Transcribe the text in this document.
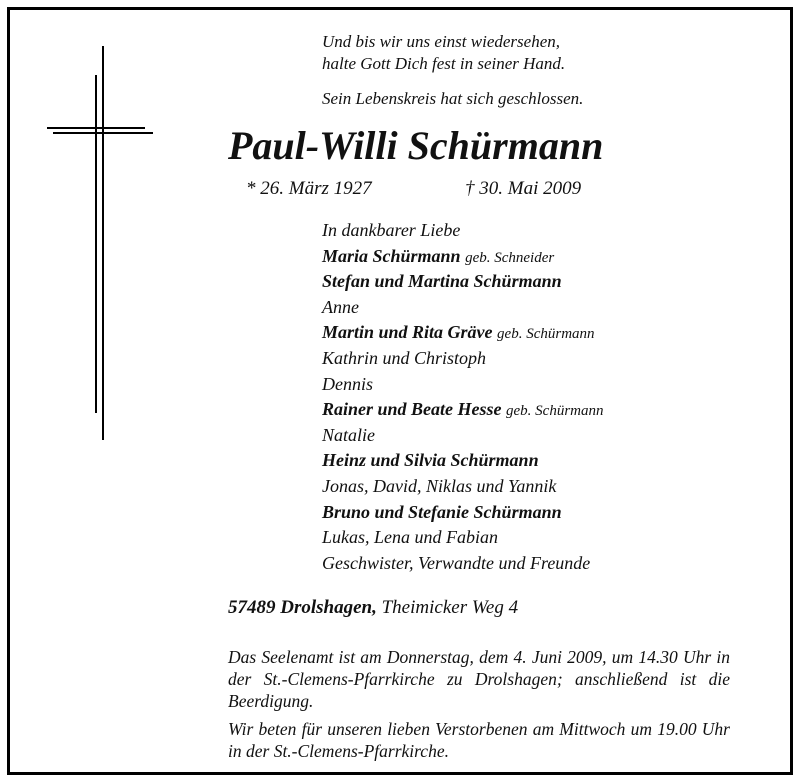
Und bis wir uns einst wiedersehen,
halte Gott Dich fest in seiner Hand.
Sein Lebenskreis hat sich geschlossen.
Paul-Willi Schürmann
* 26. März 1927	† 30. Mai 2009
In dankbarer Liebe
Maria Schürmann geb. Schneider
Stefan und Martina Schürmann
Anne
Martin und Rita Gräve geb. Schürmann
Kathrin und Christoph
Dennis
Rainer und Beate Hesse geb. Schürmann
Natalie
Heinz und Silvia Schürmann
Jonas, David, Niklas und Yannik
Bruno und Stefanie Schürmann
Lukas, Lena und Fabian
Geschwister, Verwandte und Freunde
57489 Drolshagen, Theimicker Weg 4
Das Seelenamt ist am Donnerstag, dem 4. Juni 2009, um 14.30 Uhr in der St.-Clemens-Pfarrkirche zu Drolshagen; anschließend ist die Beerdigung.
Wir beten für unseren lieben Verstorbenen am Mittwoch um 19.00 Uhr in der St.-Clemens-Pfarrkirche.
